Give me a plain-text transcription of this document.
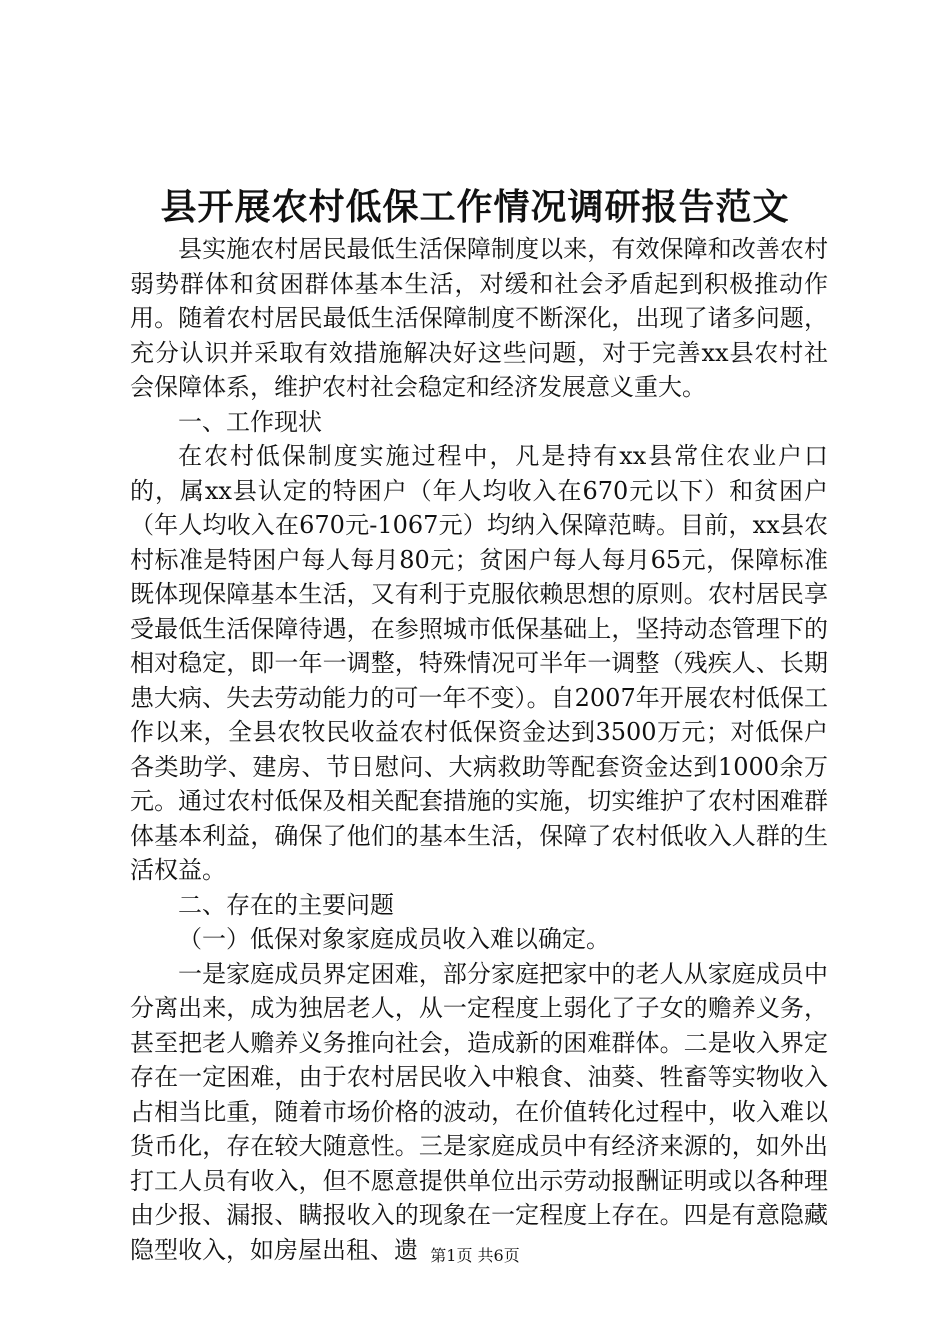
县开展农村低保工作情况调研报告范文

县实施农村居民最低生活保障制度以来，有效保障和改善农村弱势群体和贫困群体基本生活，对缓和社会矛盾起到积极推动作用。随着农村居民最低生活保障制度不断深化，出现了诸多问题，充分认识并采取有效措施解决好这些问题，对于完善xx县农村社会保障体系，维护农村社会稳定和经济发展意义重大。

一、工作现状

在农村低保制度实施过程中，凡是持有xx县常住农业户口的，属xx县认定的特困户（年人均收入在670元以下）和贫困户（年人均收入在670元-1067元）均纳入保障范畴。目前，xx县农村标准是特困户每人每月80元；贫困户每人每月65元，保障标准既体现保障基本生活，又有利于克服依赖思想的原则。农村居民享受最低生活保障待遇，在参照城市低保基础上，坚持动态管理下的相对稳定，即一年一调整，特殊情况可半年一调整（残疾人、长期患大病、失去劳动能力的可一年不变）。自2007年开展农村低保工作以来，全县农牧民收益农村低保资金达到3500万元；对低保户各类助学、建房、节日慰问、大病救助等配套资金达到1000余万元。通过农村低保及相关配套措施的实施，切实维护了农村困难群体基本利益，确保了他们的基本生活，保障了农村低收入人群的生活权益。

二、存在的主要问题

（一）低保对象家庭成员收入难以确定。

一是家庭成员界定困难，部分家庭把家中的老人从家庭成员中分离出来，成为独居老人，从一定程度上弱化了子女的赡养义务，甚至把老人赡养义务推向社会，造成新的困难群体。二是收入界定存在一定困难，由于农村居民收入中粮食、油葵、牲畜等实物收入占相当比重，随着市场价格的波动，在价值转化过程中，收入难以货币化，存在较大随意性。三是家庭成员中有经济来源的，如外出打工人员有收入，但不愿意提供单位出示劳动报酬证明或以各种理由少报、漏报、瞒报收入的现象在一定程度上存在。四是有意隐藏隐型收入，如房屋出租、遗 第1页 共6页
